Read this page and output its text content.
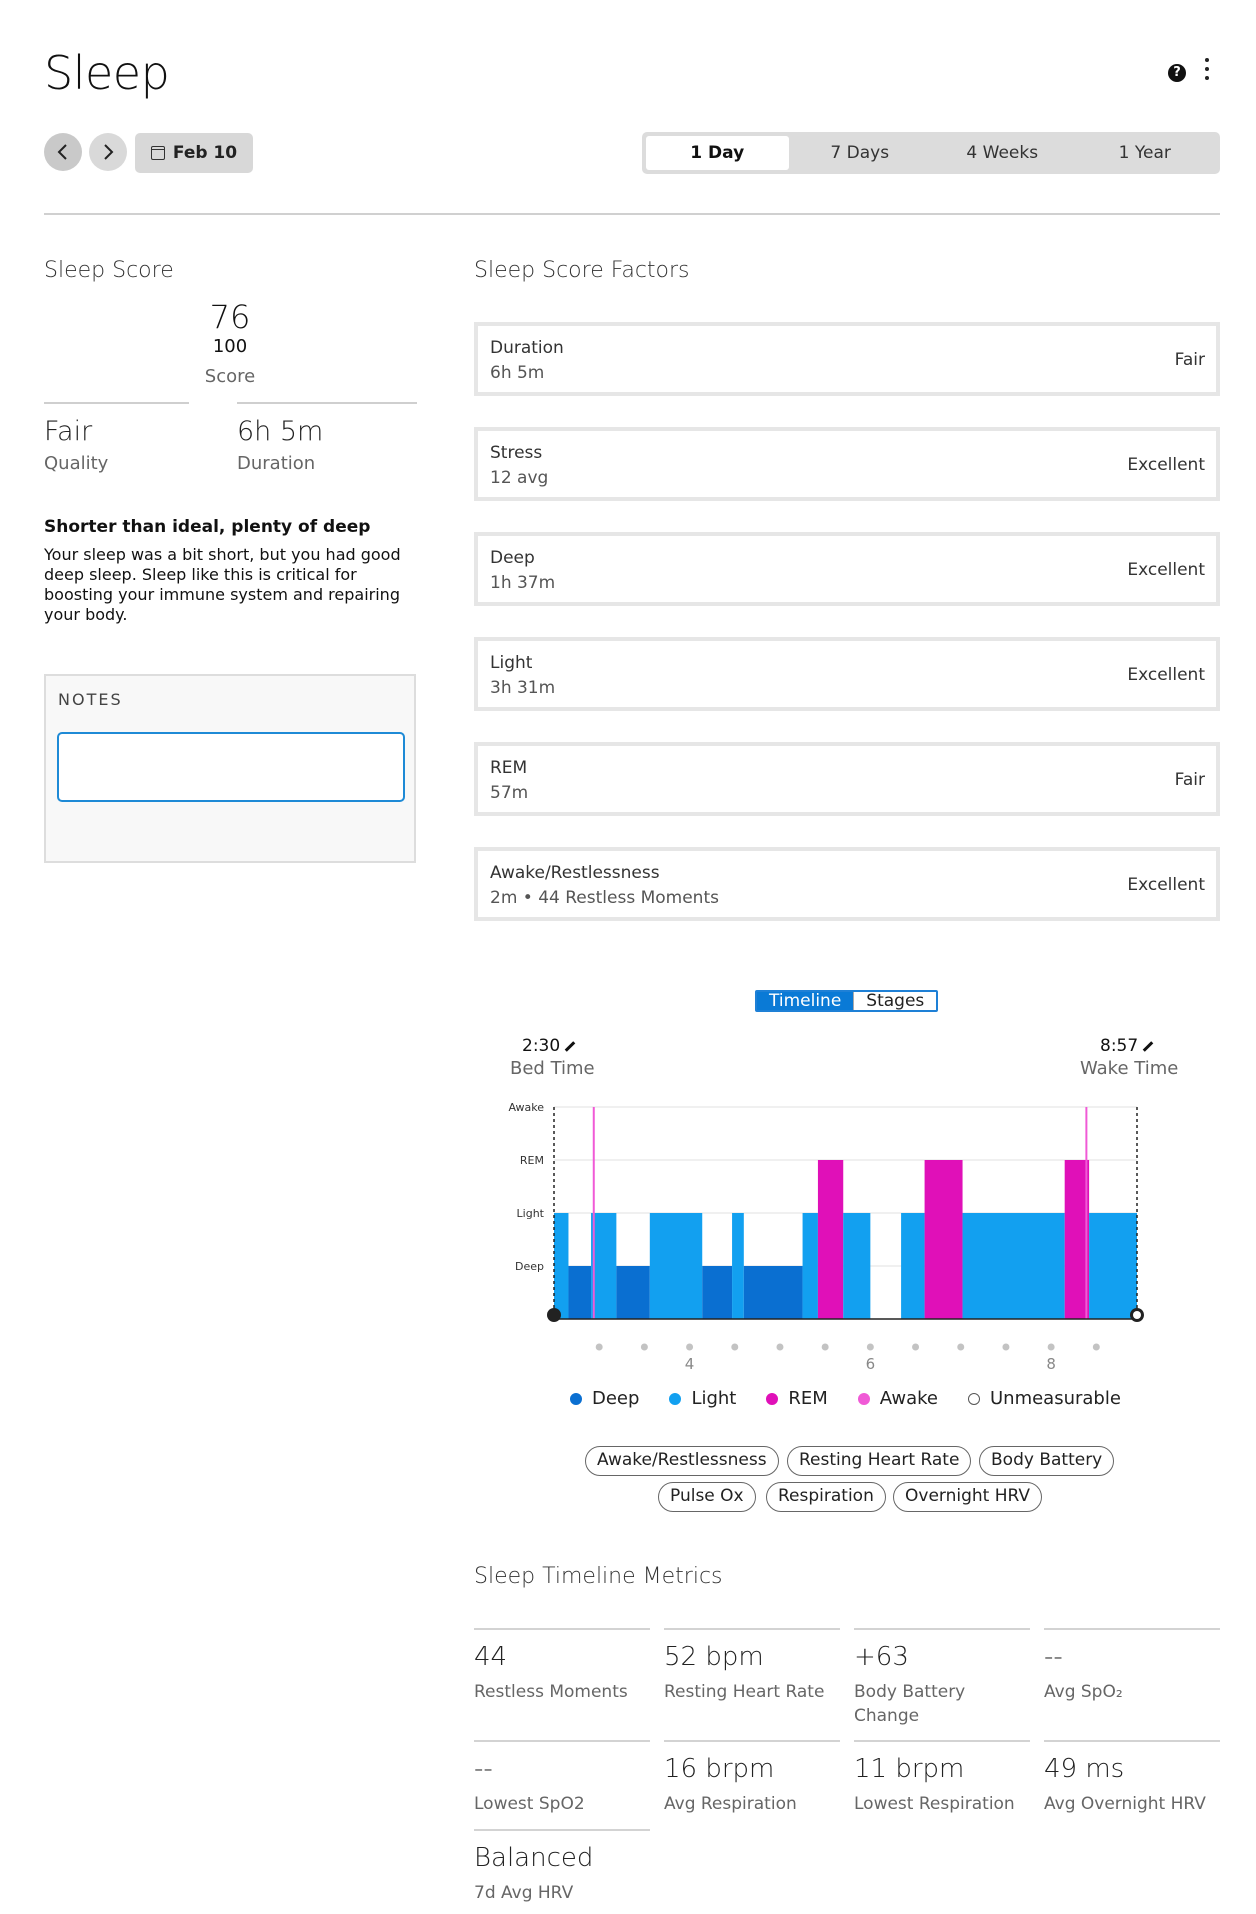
Sleep	?
Feb 10	1 Day	7 Days	4 Weeks	1 Year
Sleep Score
76
100
Score
Fair
Quality
6h 5m
Duration
Shorter than ideal, plenty of deep
Your sleep was a bit short, but you had good deep sleep. Sleep like this is critical for boosting your immune system and repairing your body.
NOTES
Sleep Score Factors
Duration
6h 5m
Fair
Stress
12 avg
Excellent
Deep
1h 37m
Excellent
Light
3h 31m
Excellent
REM
57m
Fair
Awake/Restlessness
2m • 44 Restless Moments
Excellent
Timeline	Stages
2:30
Bed Time
8:57
Wake Time
Awake
REM
Light
Deep
4	6	8
Deep	Light	REM	Awake	Unmeasurable
Awake/Restlessness	Resting Heart Rate	Body Battery
Pulse Ox	Respiration	Overnight HRV
Sleep Timeline Metrics
44
Restless Moments
52 bpm
Resting Heart Rate
+63
Body Battery Change
--
Avg SpO₂
--
Lowest SpO2
16 brpm
Avg Respiration
11 brpm
Lowest Respiration
49 ms
Avg Overnight HRV
Balanced
7d Avg HRV
